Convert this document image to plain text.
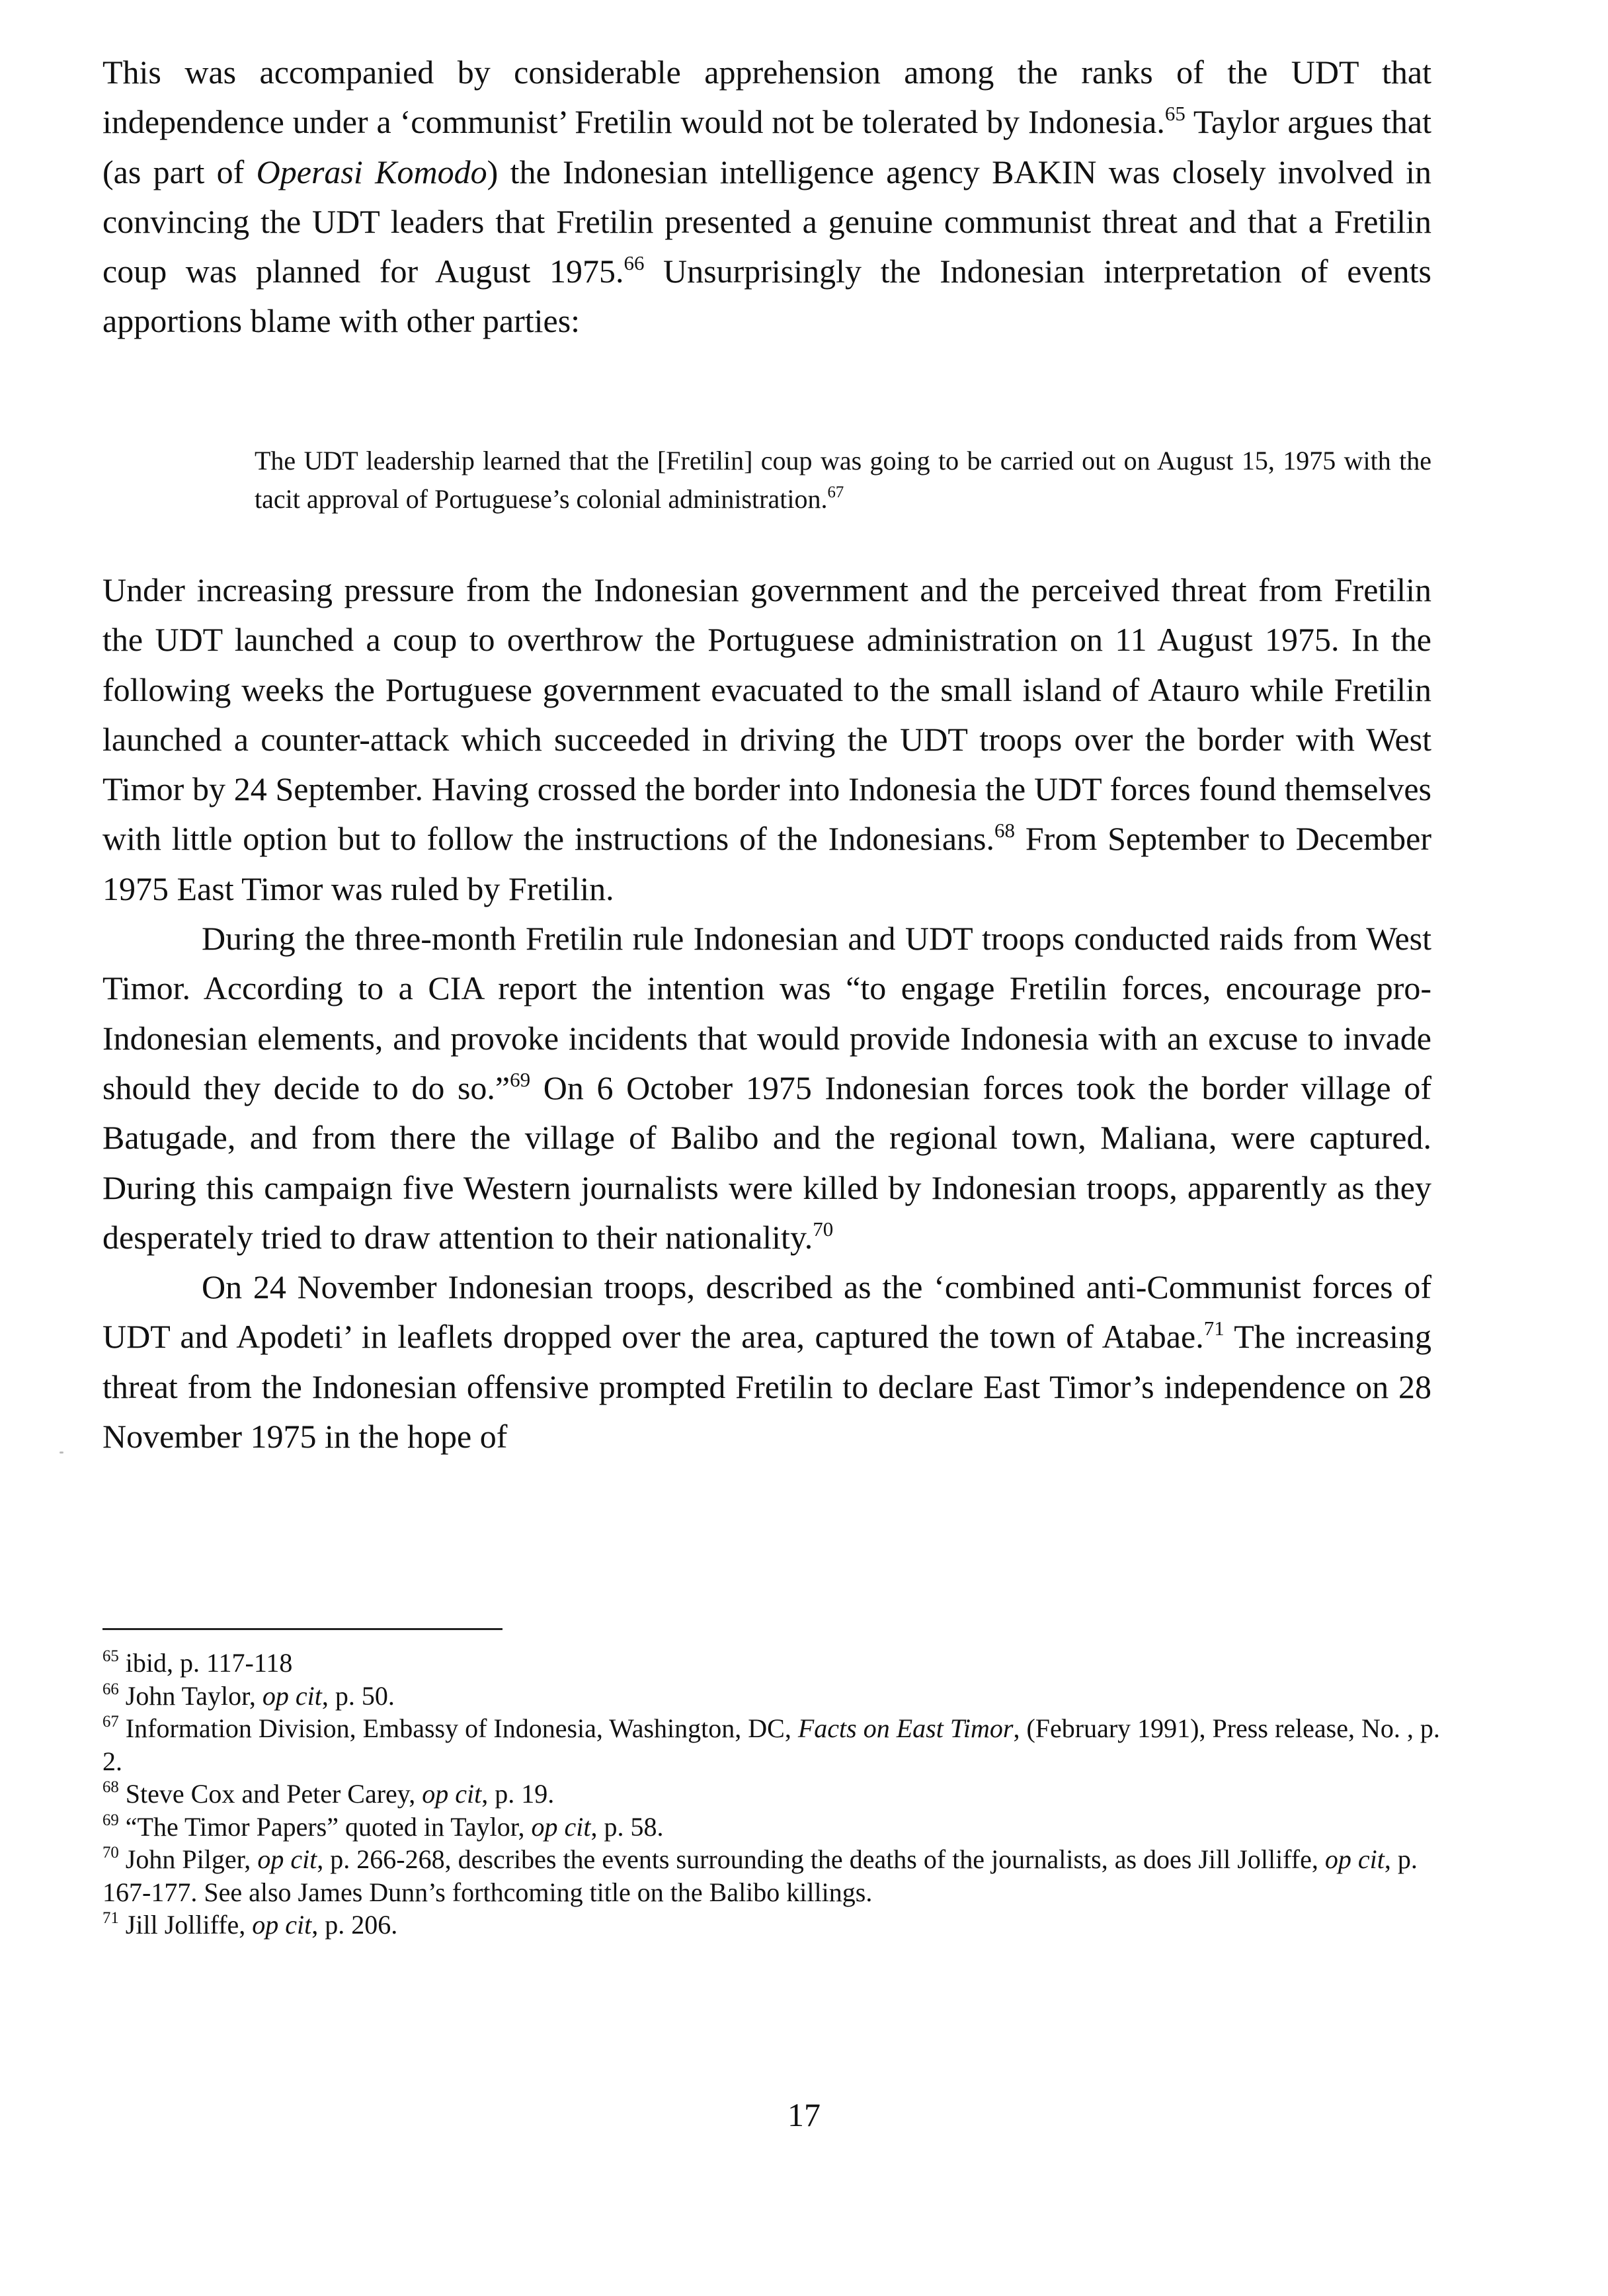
This was accompanied by considerable apprehension among the ranks of the UDT that independence under a ‘communist’ Fretilin would not be tolerated by Indonesia.$^{65}$ Taylor argues that (as part of Operasi Komodo) the Indonesian intelligence agency BAKIN was closely involved in convincing the UDT leaders that Fretilin presented a genuine communist threat and that a Fretilin coup was planned for August 1975.66 Unsurprisingly the Indonesian interpretation of events apportions blame with other parties:

The UDT leadership learned that the [Fretilin] coup was going to be carried out on August 15, 1975 with the tacit approval of Portuguese’s colonial administration.$^{67}$

Under increasing pressure from the Indonesian government and the perceived threat from Fretilin the UDT launched a coup to overthrow the Portuguese administration on 11 August 1975. In the following weeks the Portuguese government evacuated to the small island of Atauro while Fretilin launched a counter-attack which succeeded in driving the UDT troops over the border with West Timor by 24 September. Having crossed the border into Indonesia the UDT forces found themselves with little option but to follow the instructions of the Indonesians.$^{68}$ From September to December 1975 East Timor was ruled by Fretilin.

During the three-month Fretilin rule Indonesian and UDT troops conducted raids from West Timor. According to a CIA report the intention was “to engage Fretilin forces, encourage pro-Indonesian elements, and provoke incidents that would provide Indonesia with an excuse to invade should they decide to do so.”$^{69}$ On 6 October 1975 Indonesian forces took the border village of Batugade, and from there the village of Balibo and the regional town, Maliana, were captured. During this campaign five Western journalists were killed by Indonesian troops, apparently as they desperately tried to draw attention to their nationality.$^{70}$

On 24 November Indonesian troops, described as the ‘combined anti-Communist forces of UDT and Apodeti’ in leaflets dropped over the area, captured the town of Atabae.$^{71}$ The increasing threat from the Indonesian offensive prompted Fretilin to declare East Timor’s independence on 28 November 1975 in the hope of

$^{65}$ ibid, p. 117-118
$^{66}$ John Taylor, op cit, p. 50.
$^{67}$ Information Division, Embassy of Indonesia, Washington, DC, Facts on East Timor, (February 1991), Press release, No. , p. 2.
$^{68}$ Steve Cox and Peter Carey, op cit, p. 19.
$^{69}$ “The Timor Papers” quoted in Taylor, op cit, p. 58.
$^{70}$ John Pilger, op cit, p. 266-268, describes the events surrounding the deaths of the journalists, as does Jill Jolliffe, op cit, p. 167-177. See also James Dunn’s forthcoming title on the Balibo killings.
$^{71}$ Jill Jolliffe, op cit, p. 206.
17
